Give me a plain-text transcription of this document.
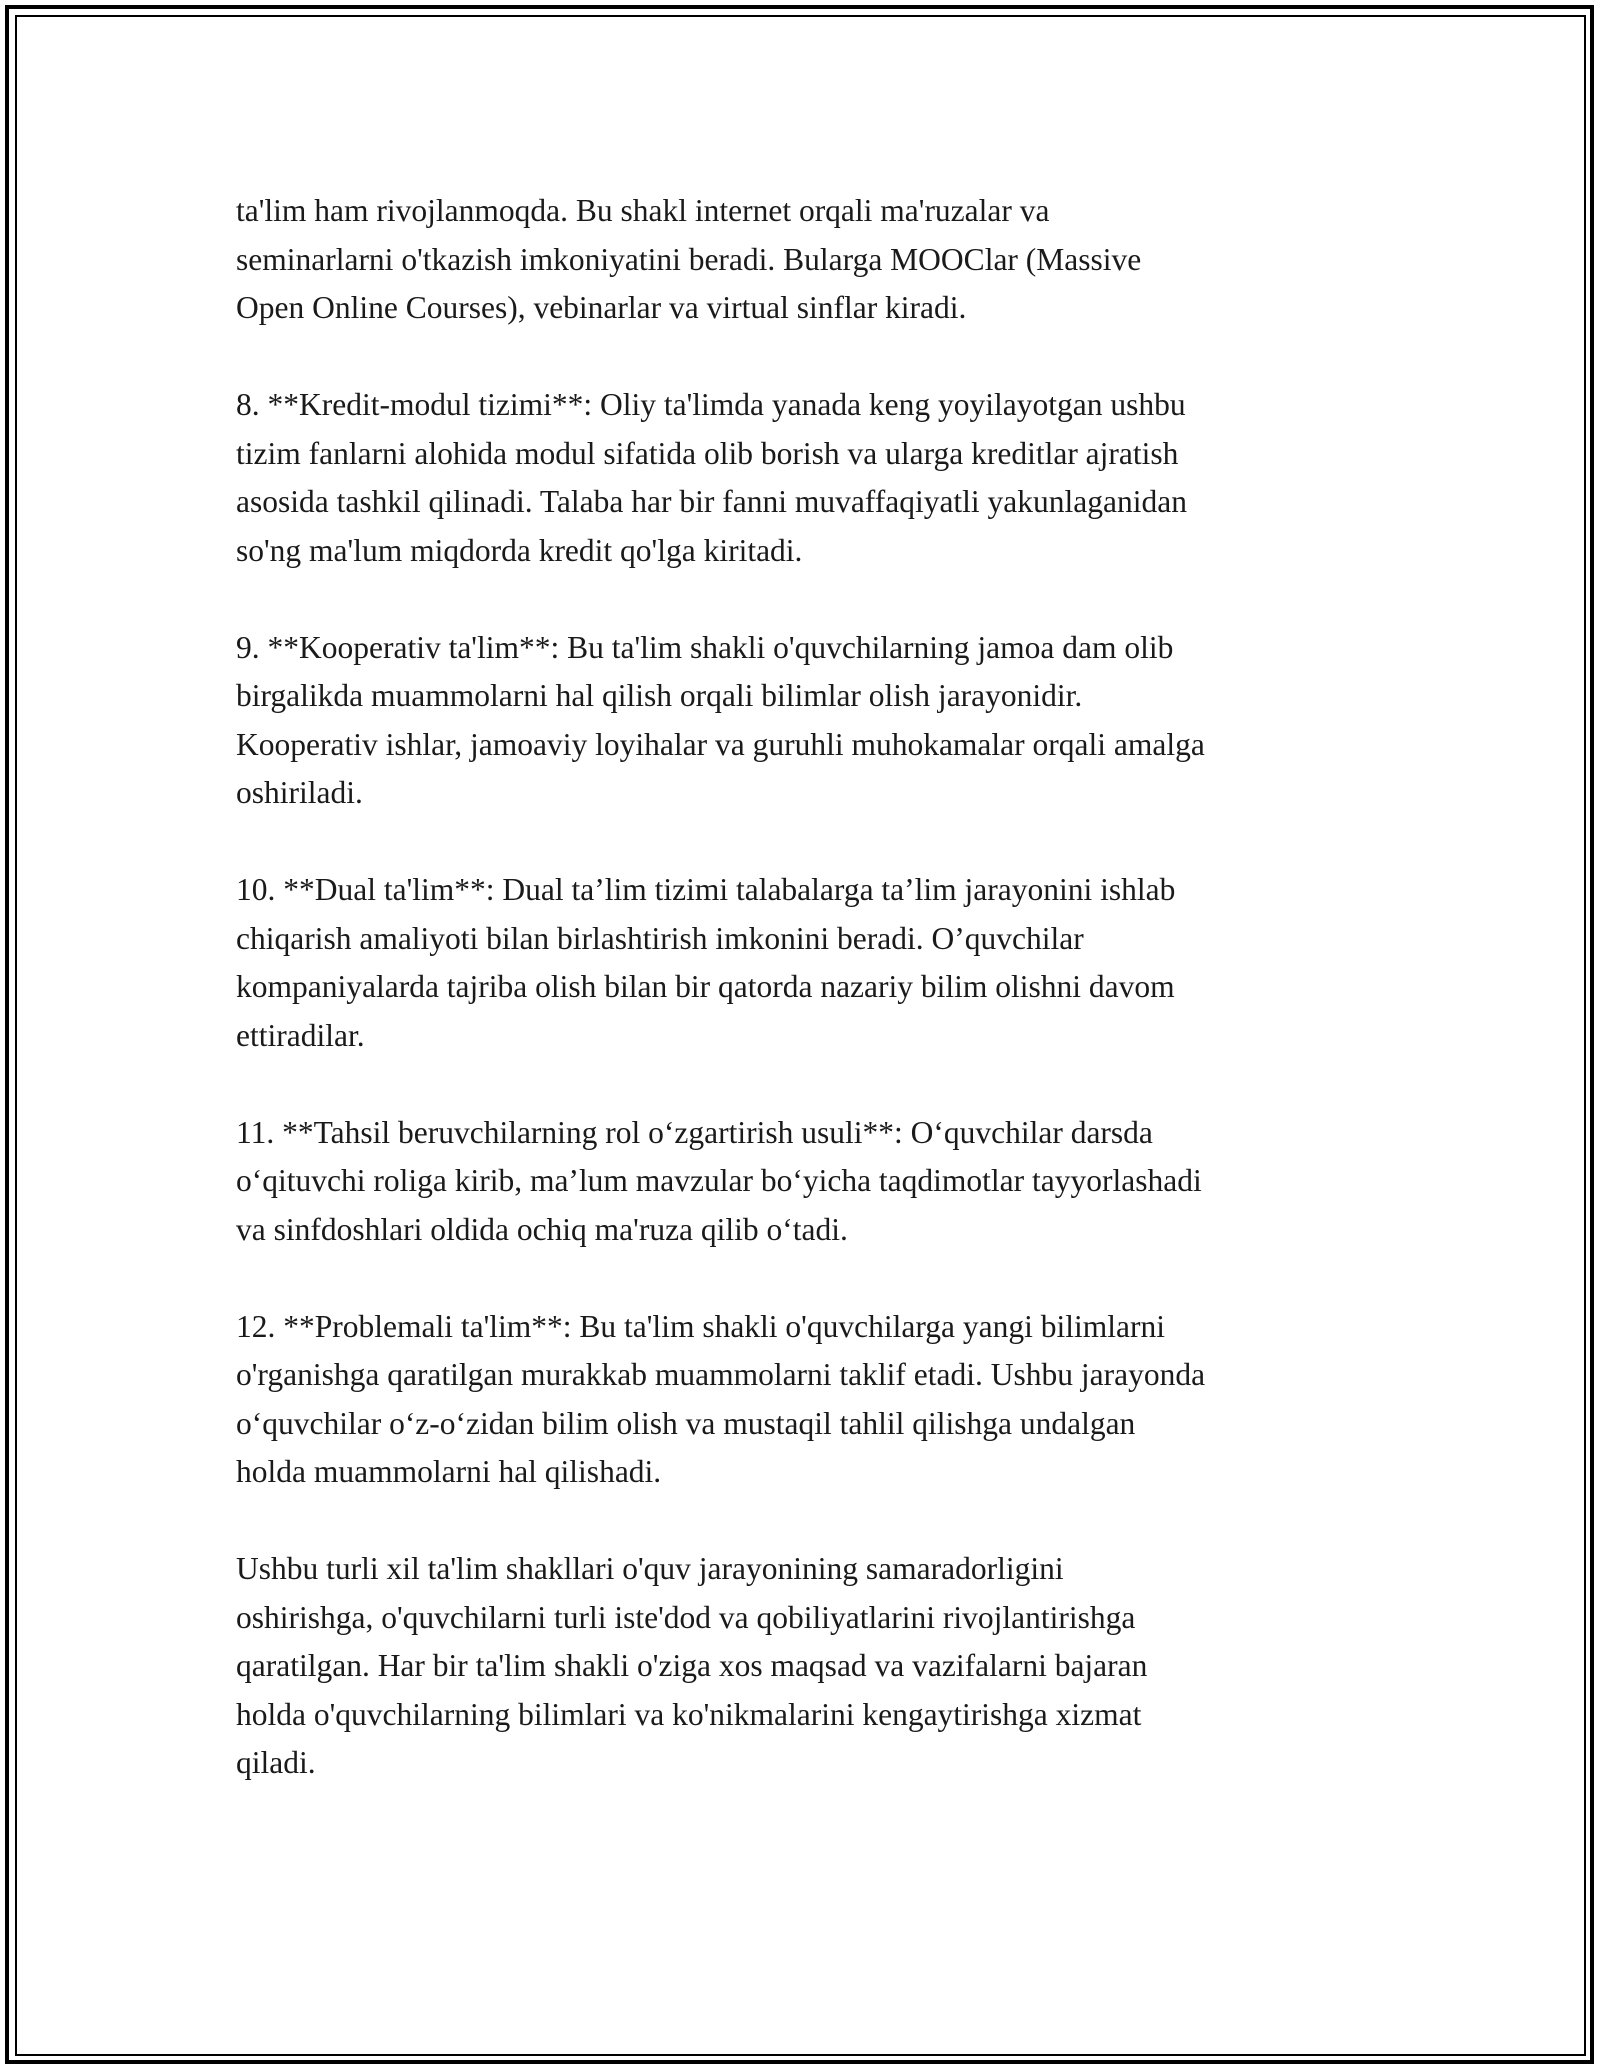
ta'lim ham rivojlanmoqda. Bu shakl internet orqali ma'ruzalar va
seminarlarni o'tkazish imkoniyatini beradi. Bularga MOOClar (Massive
Open Online Courses), vebinarlar va virtual sinflar kiradi.

8. **Kredit-modul tizimi**: Oliy ta'limda yanada keng yoyilayotgan ushbu
tizim fanlarni alohida modul sifatida olib borish va ularga kreditlar ajratish
asosida tashkil qilinadi. Talaba har bir fanni muvaffaqiyatli yakunlaganidan
so'ng ma'lum miqdorda kredit qo'lga kiritadi.

9. **Kooperativ ta'lim**: Bu ta'lim shakli o'quvchilarning jamoa dam olib
birgalikda muammolarni hal qilish orqali bilimlar olish jarayonidir.
Kooperativ ishlar, jamoaviy loyihalar va guruhli muhokamalar orqali amalga
oshiriladi.

10. **Dual ta'lim**: Dual ta’lim tizimi talabalarga ta’lim jarayonini ishlab
chiqarish amaliyoti bilan birlashtirish imkonini beradi. O’quvchilar
kompaniyalarda tajriba olish bilan bir qatorda nazariy bilim olishni davom
ettiradilar.

11. **Tahsil beruvchilarning rol o‘zgartirish usuli**: O‘quvchilar darsda
o‘qituvchi roliga kirib, ma’lum mavzular bo‘yicha taqdimotlar tayyorlashadi
va sinfdoshlari oldida ochiq ma'ruza qilib o‘tadi.

12. **Problemali ta'lim**: Bu ta'lim shakli o'quvchilarga yangi bilimlarni
o'rganishga qaratilgan murakkab muammolarni taklif etadi. Ushbu jarayonda
o‘quvchilar o‘z-o‘zidan bilim olish va mustaqil tahlil qilishga undalgan
holda muammolarni hal qilishadi.

Ushbu turli xil ta'lim shakllari o'quv jarayonining samaradorligini
oshirishga, o'quvchilarni turli iste'dod va qobiliyatlarini rivojlantirishga
qaratilgan. Har bir ta'lim shakli o'ziga xos maqsad va vazifalarni bajaran
holda o'quvchilarning bilimlari va ko'nikmalarini kengaytirishga xizmat
qiladi.
